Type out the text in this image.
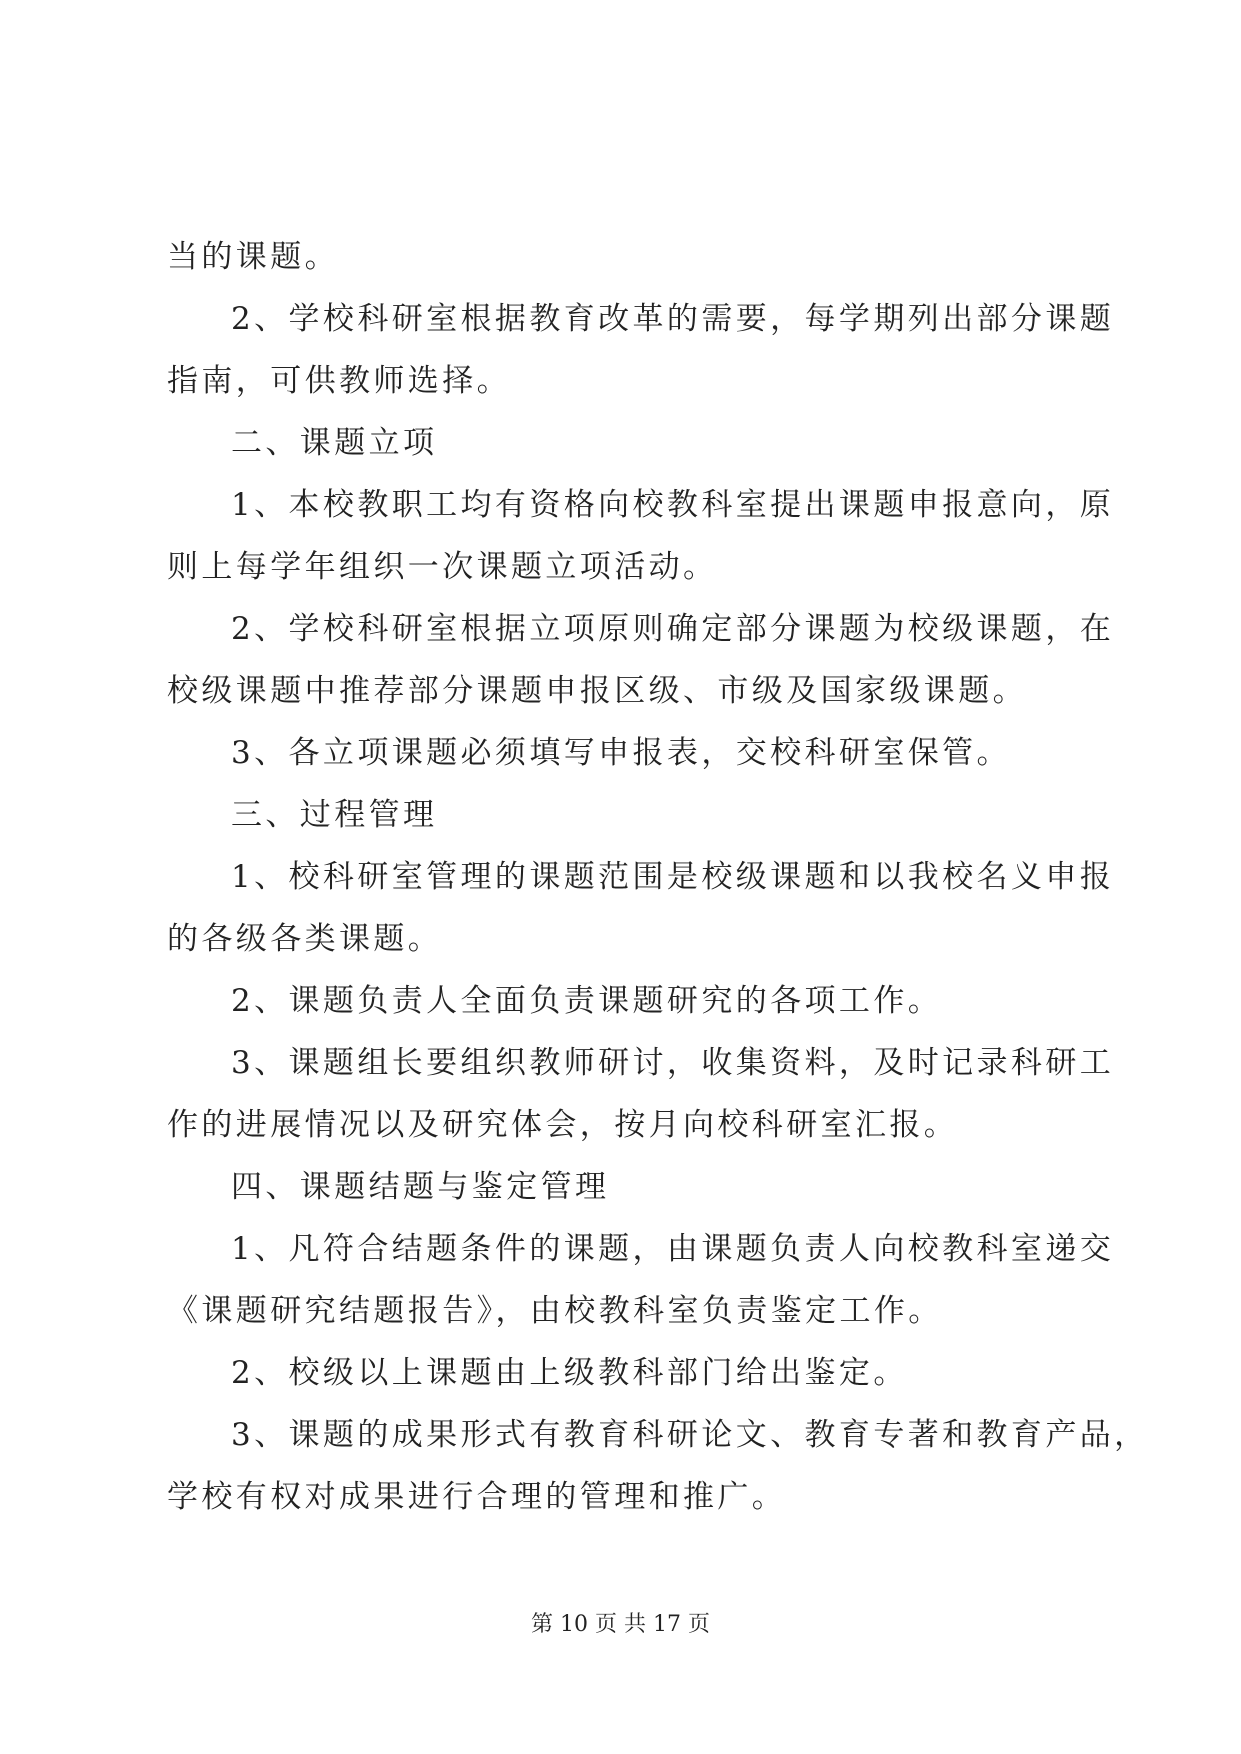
当的课题。
2、学校科研室根据教育改革的需要，每学期列出部分课题
指南，可供教师选择。
二、课题立项
1、本校教职工均有资格向校教科室提出课题申报意向，原
则上每学年组织一次课题立项活动。
2、学校科研室根据立项原则确定部分课题为校级课题，在
校级课题中推荐部分课题申报区级、市级及国家级课题。
3、各立项课题必须填写申报表，交校科研室保管。
三、过程管理
1、校科研室管理的课题范围是校级课题和以我校名义申报
的各级各类课题。
2、课题负责人全面负责课题研究的各项工作。
3、课题组长要组织教师研讨，收集资料，及时记录科研工
作的进展情况以及研究体会，按月向校科研室汇报。
四、课题结题与鉴定管理
1、凡符合结题条件的课题，由课题负责人向校教科室递交
《课题研究结题报告》，由校教科室负责鉴定工作。
2、校级以上课题由上级教科部门给出鉴定。
3、课题的成果形式有教育科研论文、教育专著和教育产品，
学校有权对成果进行合理的管理和推广。
第 10 页 共 17 页
